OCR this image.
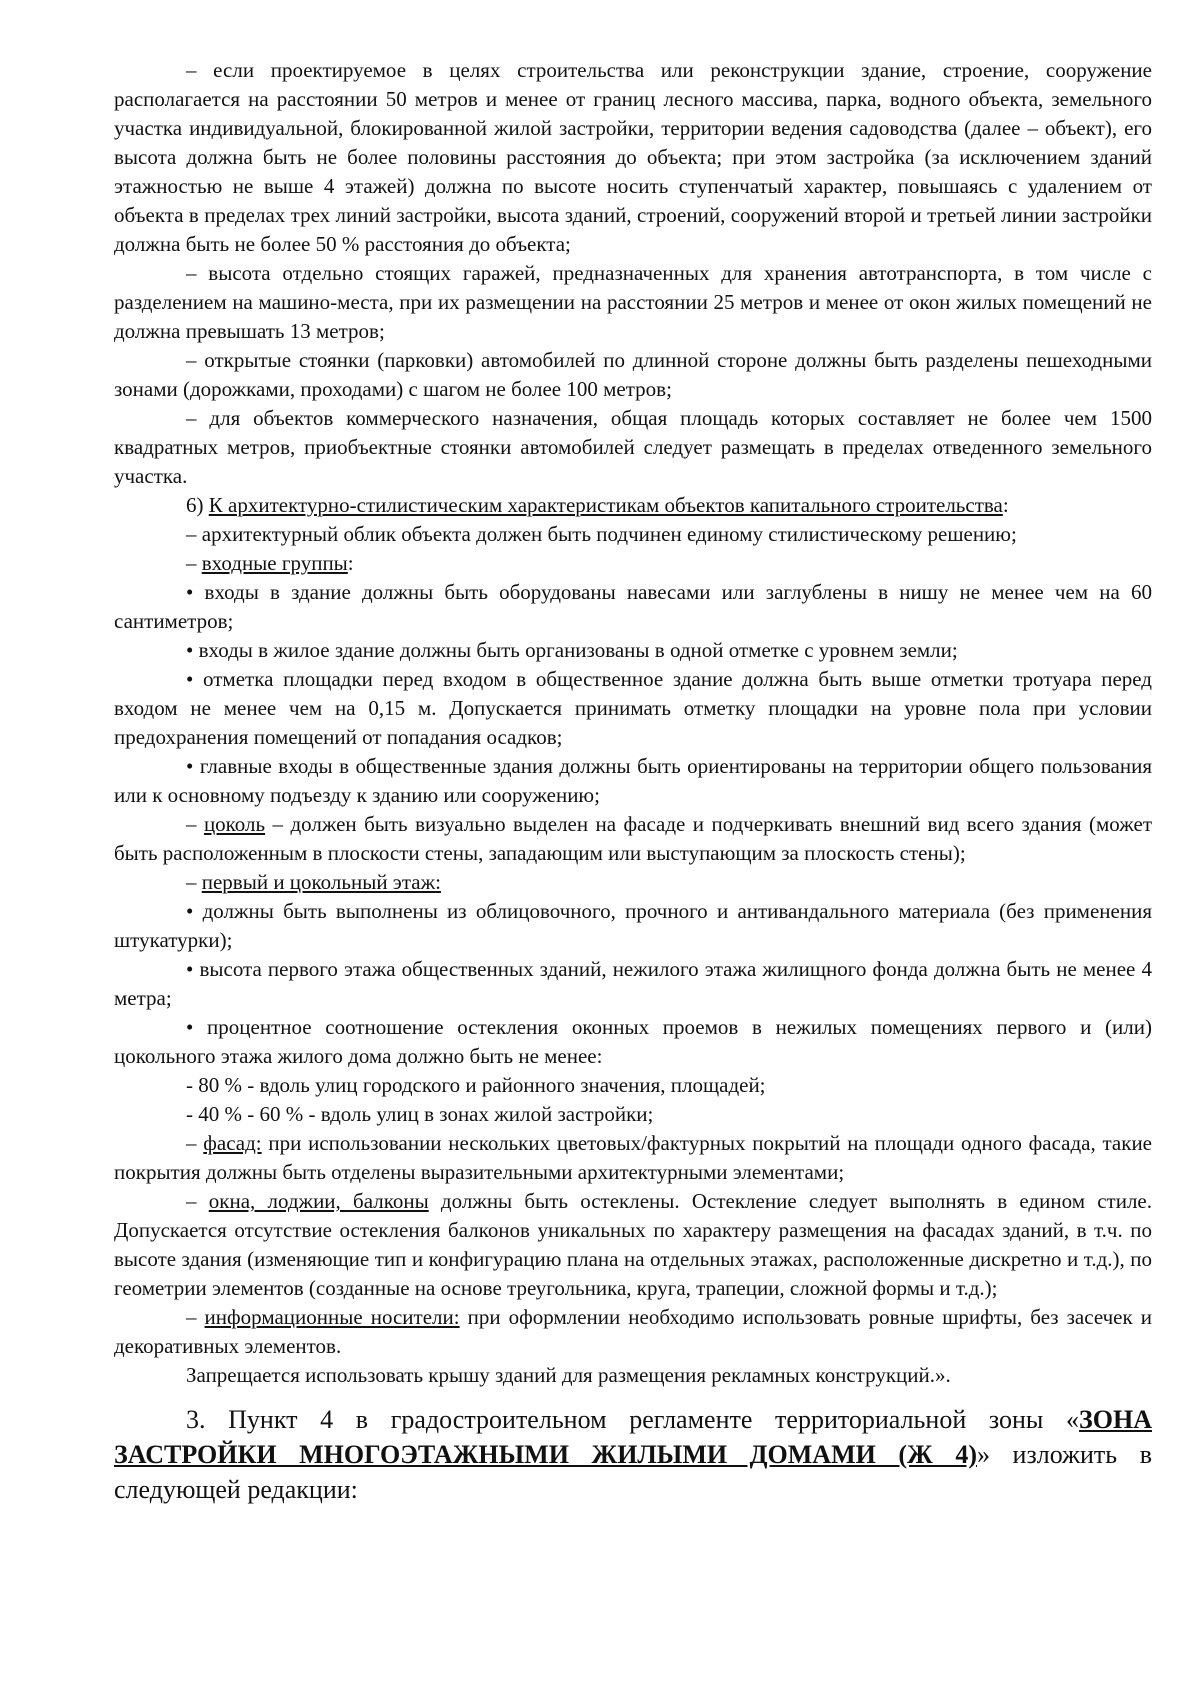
– если проектируемое в целях строительства или реконструкции здание, строение, сооружение располагается на расстоянии 50 метров и менее от границ лесного массива, парка, водного объекта, земельного участка индивидуальной, блокированной жилой застройки, территории ведения садоводства (далее – объект), его высота должна быть не более половины расстояния до объекта; при этом застройка (за исключением зданий этажностью не выше 4 этажей) должна по высоте носить ступенчатый характер, повышаясь с удалением от объекта в пределах трех линий застройки, высота зданий, строений, сооружений второй и третьей линии застройки должна быть не более 50 % расстояния до объекта;

– высота отдельно стоящих гаражей, предназначенных для хранения автотранспорта, в том числе с разделением на машино-места, при их размещении на расстоянии 25 метров и менее от окон жилых помещений не должна превышать 13 метров;

– открытые стоянки (парковки) автомобилей по длинной стороне должны быть разделены пешеходными зонами (дорожками, проходами) с шагом не более 100 метров;

– для объектов коммерческого назначения, общая площадь которых составляет не более чем 1500 квадратных метров, приобъектные стоянки автомобилей следует размещать в пределах отведенного земельного участка.

6) К архитектурно-стилистическим характеристикам объектов капитального строительства:

– архитектурный облик объекта должен быть подчинен единому стилистическому решению;

– входные группы:

• входы в здание должны быть оборудованы навесами или заглублены в нишу не менее чем на 60 сантиметров;

• входы в жилое здание должны быть организованы в одной отметке с уровнем земли;

• отметка площадки перед входом в общественное здание должна быть выше отметки тротуара перед входом не менее чем на 0,15 м. Допускается принимать отметку площадки на уровне пола при условии предохранения помещений от попадания осадков;

• главные входы в общественные здания должны быть ориентированы на территории общего пользования или к основному подъезду к зданию или сооружению;

– цоколь – должен быть визуально выделен на фасаде и подчеркивать внешний вид всего здания (может быть расположенным в плоскости стены, западающим или выступающим за плоскость стены);

– первый и цокольный этаж:

• должны быть выполнены из облицовочного, прочного и антивандального материала (без применения штукатурки);

• высота первого этажа общественных зданий, нежилого этажа жилищного фонда должна быть не менее 4 метра;

• процентное соотношение остекления оконных проемов в нежилых помещениях первого и (или) цокольного этажа жилого дома должно быть не менее:

- 80 % - вдоль улиц городского и районного значения, площадей;

- 40 % - 60 % - вдоль улиц в зонах жилой застройки;

– фасад: при использовании нескольких цветовых/фактурных покрытий на площади одного фасада, такие покрытия должны быть отделены выразительными архитектурными элементами;

– окна, лоджии, балконы должны быть остеклены. Остекление следует выполнять в едином стиле. Допускается отсутствие остекления балконов уникальных по характеру размещения на фасадах зданий, в т.ч. по высоте здания (изменяющие тип и конфигурацию плана на отдельных этажах, расположенные дискретно и т.д.), по геометрии элементов (созданные на основе треугольника, круга, трапеции, сложной формы и т.д.);

– информационные носители: при оформлении необходимо использовать ровные шрифты, без засечек и декоративных элементов.

Запрещается использовать крышу зданий для размещения рекламных конструкций.».

3. Пункт 4 в градостроительном регламенте территориальной зоны «ЗОНА ЗАСТРОЙКИ МНОГОЭТАЖНЫМИ ЖИЛЫМИ ДОМАМИ (Ж 4)» изложить в следующей редакции:
